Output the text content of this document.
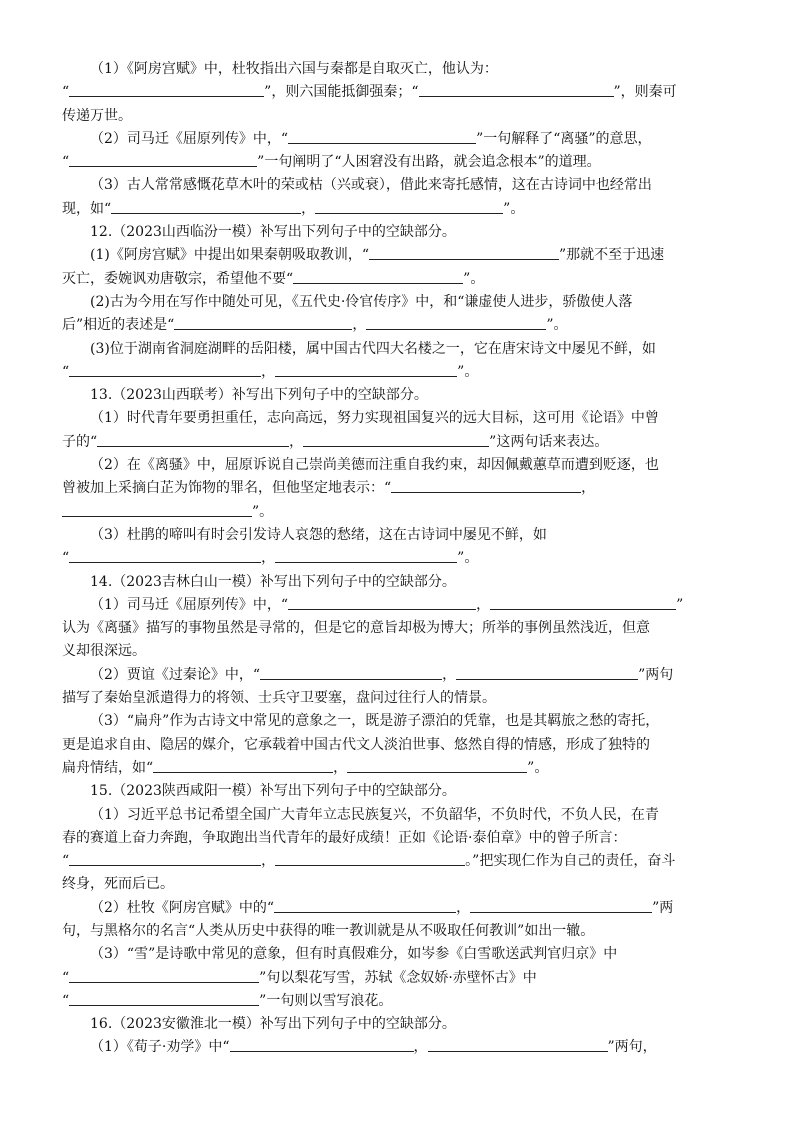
（1）《阿房宫赋》中，杜牧指出六国与秦都是自取灭亡，他认为：
“	”，则六国能抵御强秦；“	”，则秦可
传递万世。
（2）司马迁《屈原列传》中，“	”一句解释了“离骚”的意思，
“	”一句阐明了“人困窘没有出路，就会追念根本”的道理。
（3）古人常常感慨花草木叶的荣或枯（兴或衰），借此来寄托感情，这在古诗词中也经常出
现，如“	，	”。
12.（2023山西临汾一模）补写出下列句子中的空缺部分。
(1)《阿房宫赋》中提出如果秦朝吸取教训，“	”那就不至于迅速
灭亡，委婉讽劝唐敬宗，希望他不要“	”。
(2)古为今用在写作中随处可见，《五代史·伶官传序》中，和“谦虚使人进步，骄傲使人落
后”相近的表述是“	，	”。
(3)位于湖南省洞庭湖畔的岳阳楼，属中国古代四大名楼之一，它在唐宋诗文中屡见不鲜，如
“	，	”。
13.（2023山西联考）补写出下列句子中的空缺部分。
（1）时代青年要勇担重任，志向高远，努力实现祖国复兴的远大目标，这可用《论语》中曾
子的“	，	”这两句话来表达。
（2）在《离骚》中，屈原诉说自己崇尚美德而注重自我约束，却因佩戴蕙草而遭到贬逐，也
曾被加上采摘白芷为饰物的罪名，但他坚定地表示：“	，
”。
（3）杜鹃的啼叫有时会引发诗人哀怨的愁绪，这在古诗词中屡见不鲜，如
“	，	”。
14.（2023吉林白山一模）补写出下列句子中的空缺部分。
（1）司马迁《屈原列传》中，“	，	”
认为《离骚》描写的事物虽然是寻常的，但是它的意旨却极为博大；所举的事例虽然浅近，但意
义却很深远。
（2）贾谊《过秦论》中，“	，	”两句
描写了秦始皇派遣得力的将领、士兵守卫要塞，盘问过往行人的情景。
（3）“扁舟”作为古诗文中常见的意象之一，既是游子漂泊的凭靠，也是其羁旅之愁的寄托，
更是追求自由、隐居的媒介，它承载着中国古代文人淡泊世事、悠然自得的情感，形成了独特的
扁舟情结，如“	，	”。
15.（2023陕西咸阳一模）补写出下列句子中的空缺部分。
（1）习近平总书记希望全国广大青年立志民族复兴，不负韶华，不负时代，不负人民，在青
春的赛道上奋力奔跑，争取跑出当代青年的最好成绩！正如《论语·泰伯章》中的曾子所言：
“	，	。”把实现仁作为自己的责任，奋斗
终身，死而后已。
（2）杜牧《阿房宫赋》中的“	，	”两
句，与黑格尔的名言“人类从历史中获得的唯一教训就是从不吸取任何教训”如出一辙。
（3）“雪”是诗歌中常见的意象，但有时真假难分，如岑参《白雪歌送武判官归京》中
“	”句以梨花写雪，苏轼《念奴娇·赤壁怀古》中
“	”一句则以雪写浪花。
16.（2023安徽淮北一模）补写出下列句子中的空缺部分。
（1）《荀子·劝学》中“	，	”两句，
